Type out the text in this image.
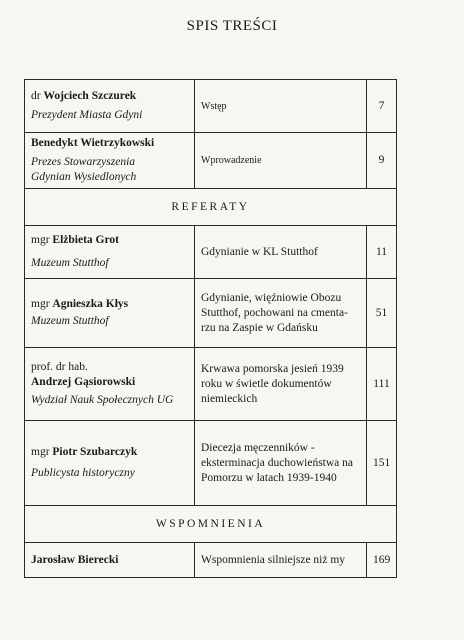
SPIS TREŚCI
dr Wojciech Szczurek
Prezydent Miasta Gdyni	Wstęp	7

Benedykt Wietrzykowski
Prezes Stowarzyszenia
Gdynian Wysiedlonych	Wprowadzenie	9
REFERATY		

mgr Elżbieta Grot
Muzeum Stutthof	Gdynianie w KL Stutthof	11

mgr Agnieszka Kłys
Muzeum Stutthof	Gdynianie, więźniowie Obozu
Stutthof, pochowani na cmenta-
rzu na Zaspie w Gdańsku	51

prof. dr hab.
Andrzej Gąsiorowski
Wydział Nauk Społecznych UG	Krwawa pomorska jesień 1939
roku w świetle dokumentów
niemieckich	111

mgr Piotr Szubarczyk
Publicysta historyczny	Diecezja męczenników -
eksterminacja duchowieństwa na
Pomorzu w latach 1939-1940	151
WSPOMNIENIA		

Jarosław Bierecki	Wspomnienia silniejsze niż my	169
